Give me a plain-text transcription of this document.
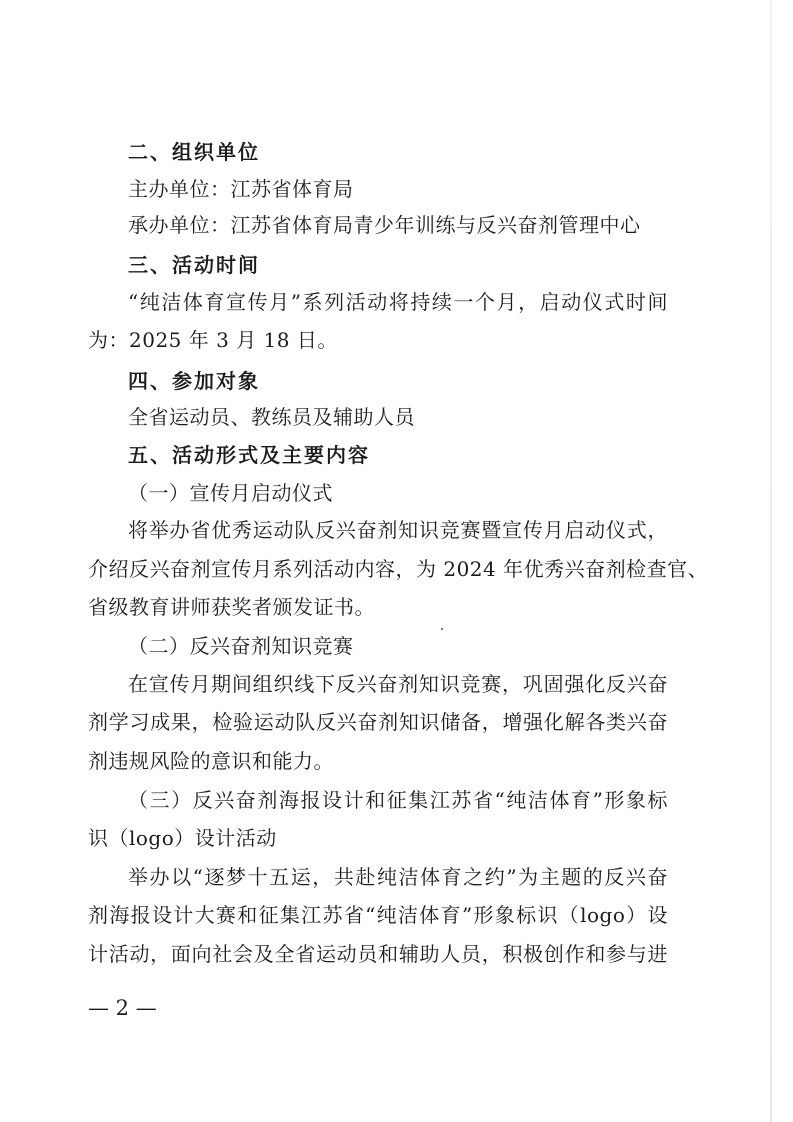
二、组织单位
主办单位：江苏省体育局
承办单位：江苏省体育局青少年训练与反兴奋剂管理中心
三、活动时间
“纯洁体育宣传月”系列活动将持续一个月，启动仪式时间
为：2025 年 3 月 18 日。
四、参加对象
全省运动员、教练员及辅助人员
五、活动形式及主要内容
（一）宣传月启动仪式
将举办省优秀运动队反兴奋剂知识竞赛暨宣传月启动仪式，
介绍反兴奋剂宣传月系列活动内容，为 2024 年优秀兴奋剂检查官、
省级教育讲师获奖者颁发证书。
（二）反兴奋剂知识竞赛
在宣传月期间组织线下反兴奋剂知识竞赛，巩固强化反兴奋
剂学习成果，检验运动队反兴奋剂知识储备，增强化解各类兴奋
剂违规风险的意识和能力。
（三）反兴奋剂海报设计和征集江苏省“纯洁体育”形象标
识（logo）设计活动
举办以“逐梦十五运，共赴纯洁体育之约”为主题的反兴奋
剂海报设计大赛和征集江苏省“纯洁体育”形象标识（logo）设
计活动，面向社会及全省运动员和辅助人员，积极创作和参与进
— 2 —
